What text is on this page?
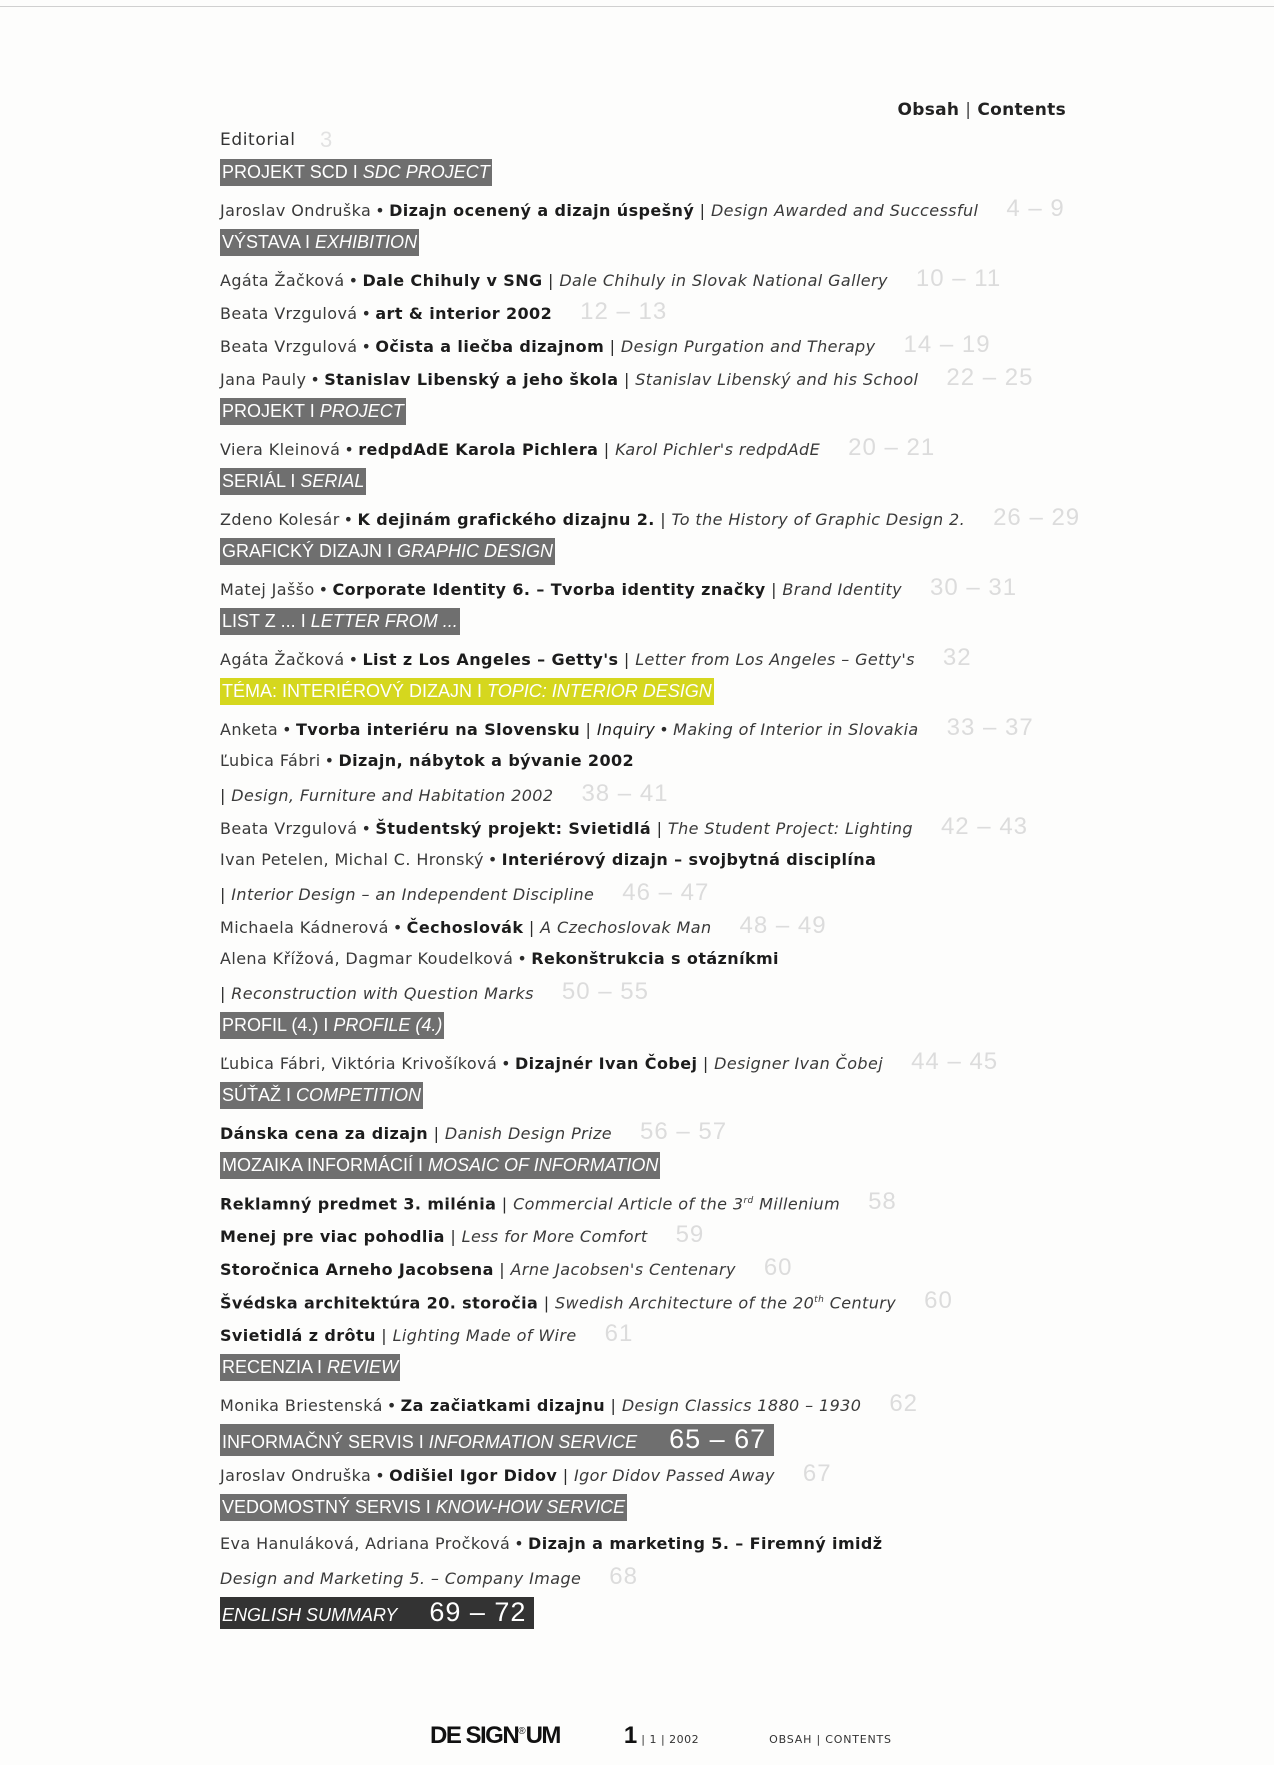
Obsah | Contents
Editorial 3
PROJEKT SCD I SDC PROJECT
Jaroslav Ondruška • Dizajn ocenený a dizajn úspešný | Design Awarded and Successful 4 – 9
VÝSTAVA I EXHIBITION
Agáta Žačková • Dale Chihuly v SNG | Dale Chihuly in Slovak National Gallery 10 – 11
Beata Vrzgulová • art & interior 2002 12 – 13
Beata Vrzgulová • Očista a liečba dizajnom | Design Purgation and Therapy 14 – 19
Jana Pauly • Stanislav Libenský a jeho škola | Stanislav Libenský and his School 22 – 25
PROJEKT I PROJECT
Viera Kleinová • redpdAdE Karola Pichlera | Karol Pichler's redpdAdE 20 – 21
SERIÁL I SERIAL
Zdeno Kolesár • K dejinám grafického dizajnu 2. | To the History of Graphic Design 2. 26 – 29
GRAFICKÝ DIZAJN I GRAPHIC DESIGN
Matej Jaššo • Corporate Identity 6. – Tvorba identity značky | Brand Identity 30 – 31
LIST Z ... I LETTER FROM ...
Agáta Žačková • List z Los Angeles – Getty's | Letter from Los Angeles – Getty's 32
TÉMA: INTERIÉROVÝ DIZAJN I TOPIC: INTERIOR DESIGN
Anketa • Tvorba interiéru na Slovensku | Inquiry • Making of Interior in Slovakia 33 – 37
Ľubica Fábri • Dizajn, nábytok a bývanie 2002
| Design, Furniture and Habitation 2002 38 – 41
Beata Vrzgulová • Študentský projekt: Svietidlá | The Student Project: Lighting 42 – 43
Ivan Petelen, Michal C. Hronský • Interiérový dizajn – svojbytná disciplína
| Interior Design – an Independent Discipline 46 – 47
Michaela Kádnerová • Čechoslovák | A Czechoslovak Man 48 – 49
Alena Křížová, Dagmar Koudelková • Rekonštrukcia s otázníkmi
| Reconstruction with Question Marks 50 – 55
PROFIL (4.) I PROFILE (4.)
Ľubica Fábri, Viktória Krivošíková • Dizajnér Ivan Čobej | Designer Ivan Čobej 44 – 45
SÚŤAŽ I COMPETITION
Dánska cena za dizajn | Danish Design Prize 56 – 57
MOZAIKA INFORMÁCIÍ I MOSAIC OF INFORMATION
Reklamný predmet 3. milénia | Commercial Article of the 3rd Millenium 58
Menej pre viac pohodlia | Less for More Comfort 59
Storočnica Arneho Jacobsena | Arne Jacobsen's Centenary 60
Švédska architektúra 20. storočia | Swedish Architecture of the 20th Century 60
Svietidlá z drôtu | Lighting Made of Wire 61
RECENZIA I REVIEW
Monika Briestenská • Za začiatkami dizajnu | Design Classics 1880 – 1930 62
INFORMAČNÝ SERVIS I INFORMATION SERVICE 65 – 67
Jaroslav Ondruška • Odišiel Igor Didov | Igor Didov Passed Away 67
VEDOMOSTNÝ SERVIS I KNOW-HOW SERVICE
Eva Hanuláková, Adriana Pročková • Dizajn a marketing 5. – Firemný imidž
Design and Marketing 5. – Company Image 68
ENGLISH SUMMARY 69 – 72
DE SIGN®UM	1 | 1 | 2002	OBSAH | CONTENTS
